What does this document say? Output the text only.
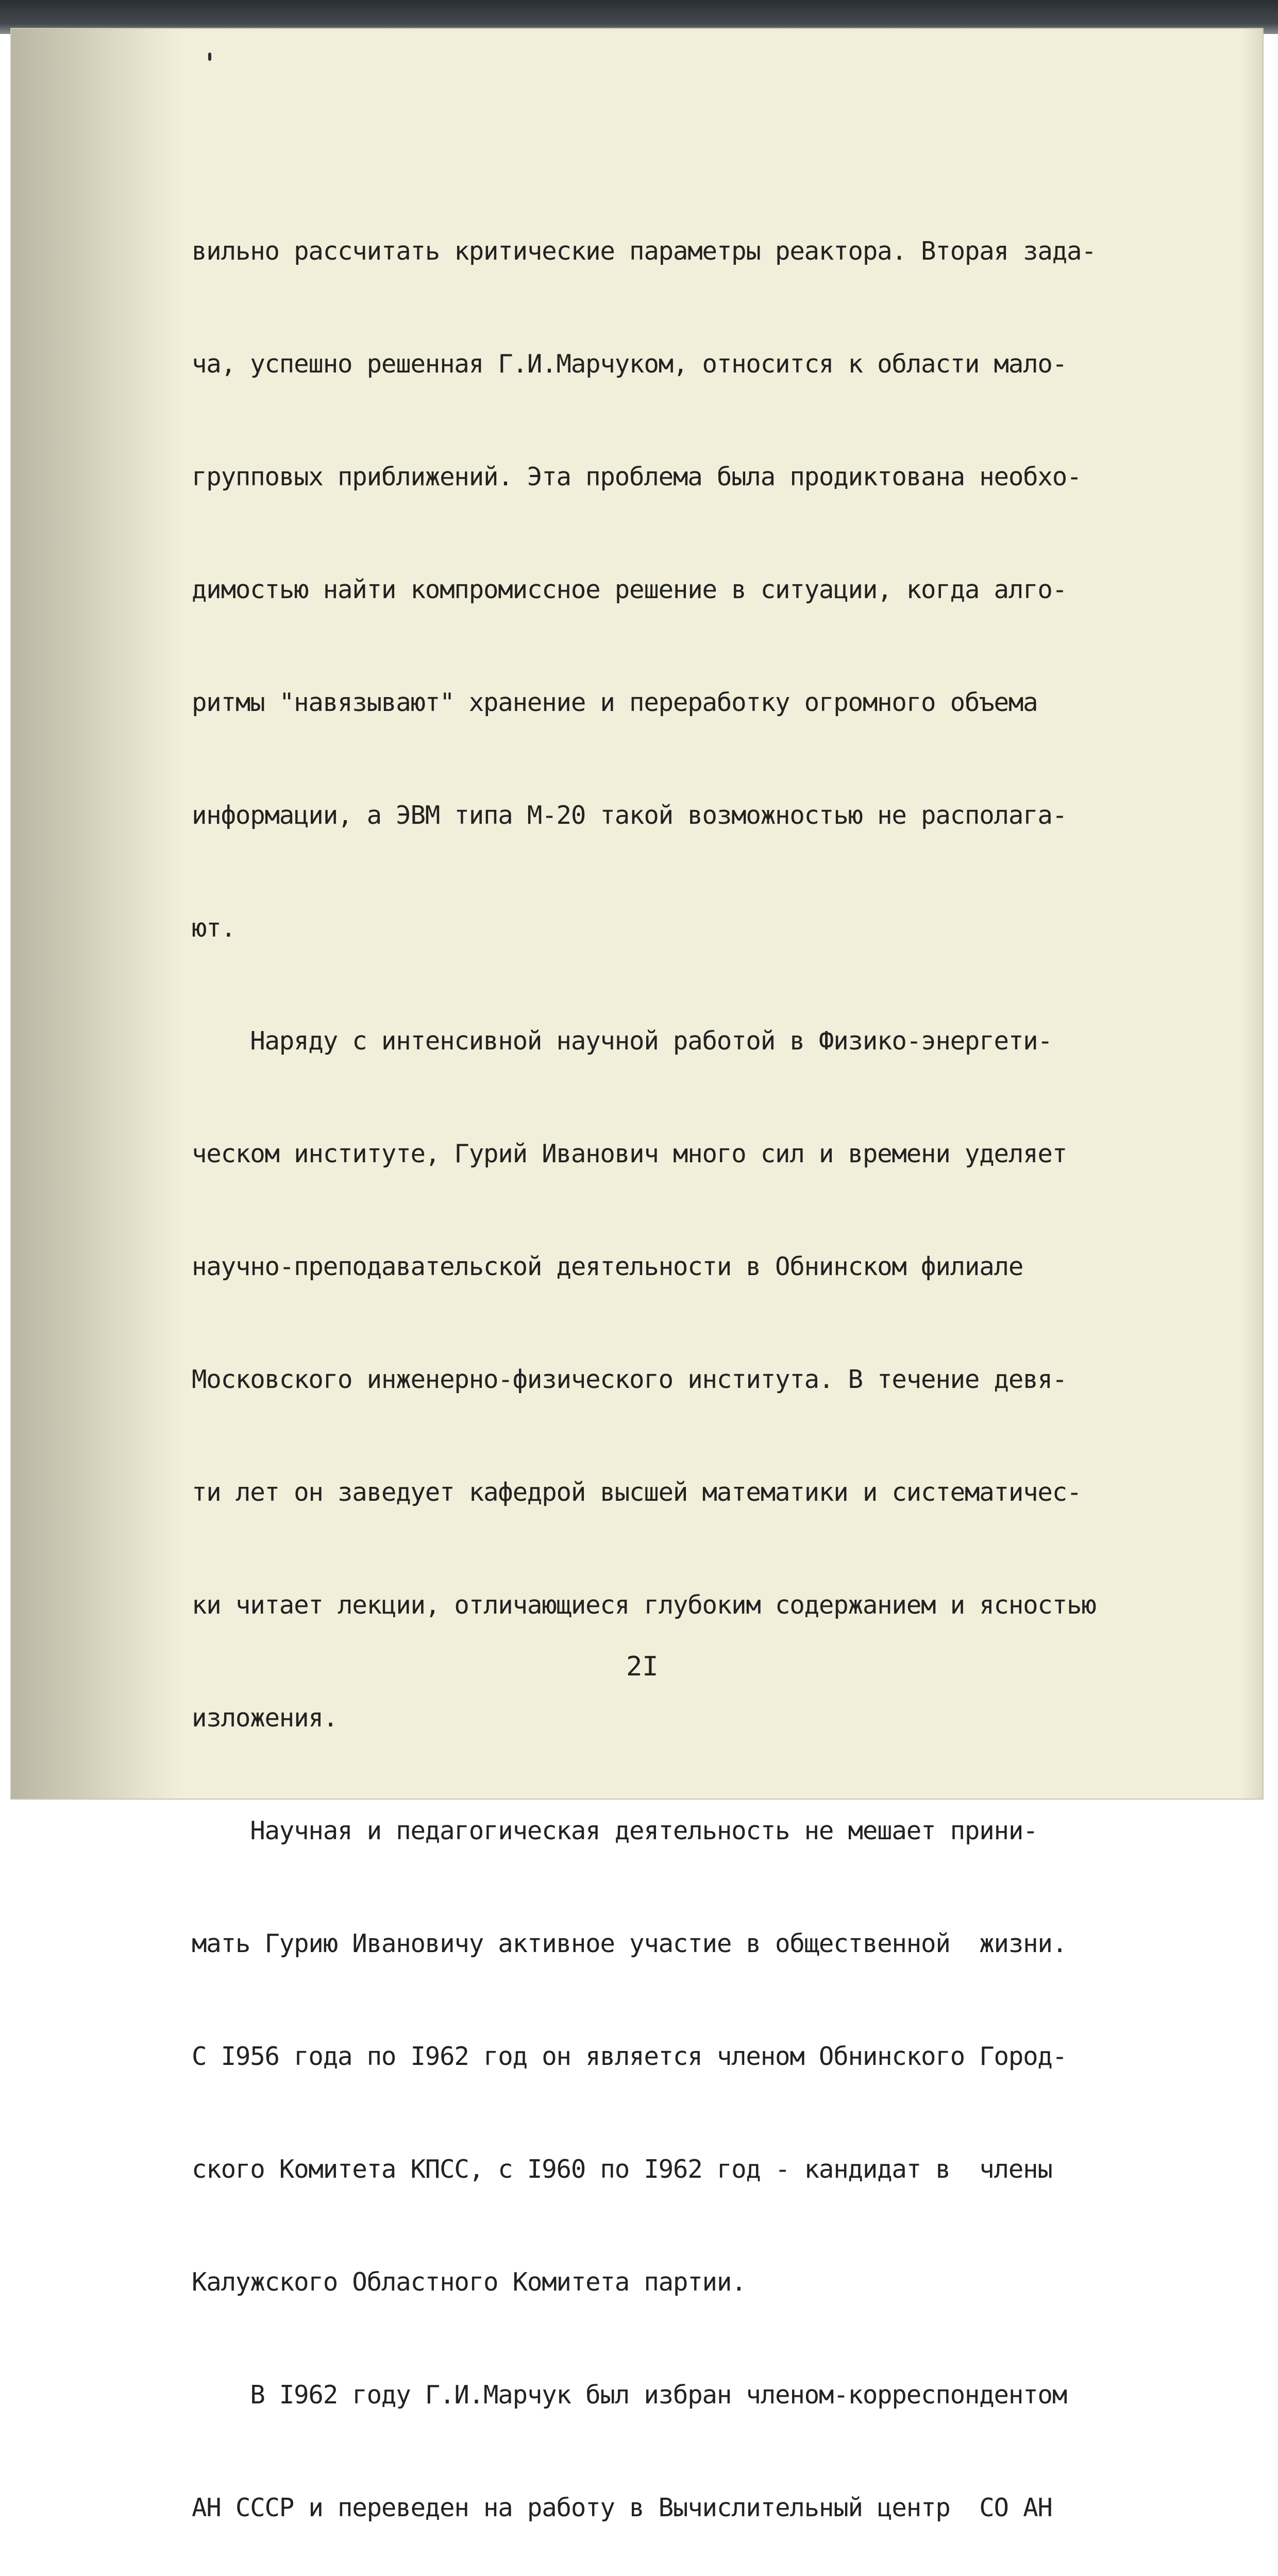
вильно рассчитать критические параметры реактора. Вторая зада-

ча, успешно решенная Г.И.Марчуком, относится к области мало-

групповых приближений. Эта проблема была продиктована необхо-

димостью найти компромиссное решение в ситуации, когда алго-

ритмы "навязывают" хранение и переработку огромного объема

информации, а ЭВМ типа М-20 такой возможностью не располага-

ют.

Наряду с интенсивной научной работой в Физико-энергети-

ческом институте, Гурий Иванович много сил и времени уделяет

научно-преподавательской деятельности в Обнинском филиале

Московского инженерно-физического института. В течение девя-

ти лет он заведует кафедрой высшей математики и систематичес-

ки читает лекции, отличающиеся глубоким содержанием и ясностью

изложения.

Научная и педагогическая деятельность не мешает прини-

мать Гурию Ивановичу активное участие в общественной  жизни.

С I956 года по I962 год он является членом Обнинского Город-

ского Комитета КПСС, с I960 по I962 год - кандидат в  члены

Калужского Областного Комитета партии.

В I962 году Г.И.Марчук был избран членом-корреспондентом

АН СССР и переведен на работу в Вычислительный центр  СО АН

2I
